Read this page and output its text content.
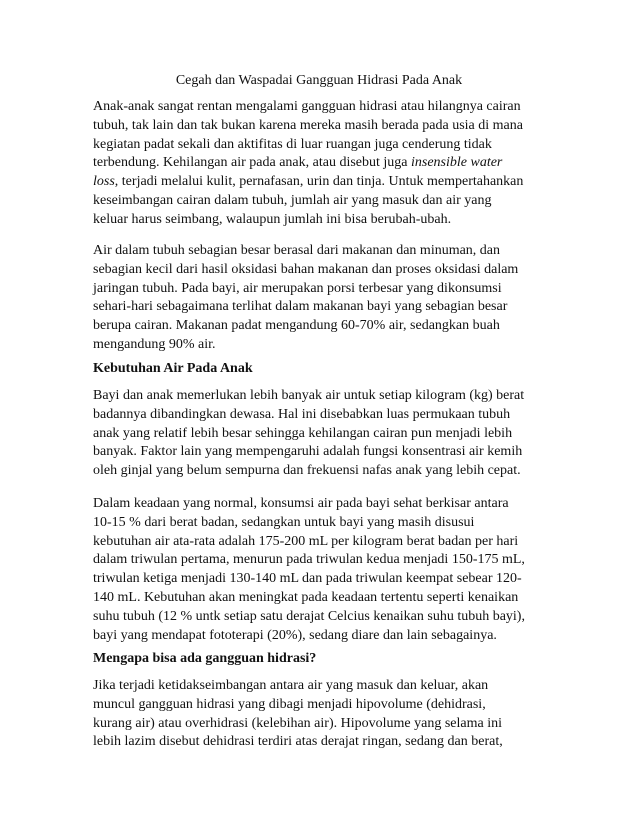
Cegah dan Waspadai Gangguan Hidrasi Pada Anak
Anak-anak sangat rentan mengalami gangguan hidrasi atau hilangnya cairan
tubuh, tak lain dan tak bukan karena mereka masih berada pada usia di mana
kegiatan padat sekali dan aktifitas di luar ruangan juga cenderung tidak
terbendung. Kehilangan air pada anak, atau disebut juga insensible water
loss, terjadi melalui kulit, pernafasan, urin dan tinja. Untuk mempertahankan
keseimbangan cairan dalam tubuh, jumlah air yang masuk dan air yang
keluar harus seimbang, walaupun jumlah ini bisa berubah-ubah.
Air dalam tubuh sebagian besar berasal dari makanan dan minuman, dan
sebagian kecil dari hasil oksidasi bahan makanan dan proses oksidasi dalam
jaringan tubuh. Pada bayi, air merupakan porsi terbesar yang dikonsumsi
sehari-hari sebagaimana terlihat dalam makanan bayi yang sebagian besar
berupa cairan. Makanan padat mengandung 60-70% air, sedangkan buah
mengandung 90% air.
Kebutuhan Air Pada Anak
Bayi dan anak memerlukan lebih banyak air untuk setiap kilogram (kg) berat
badannya dibandingkan dewasa. Hal ini disebabkan luas permukaan tubuh
anak yang relatif lebih besar sehingga kehilangan cairan pun menjadi lebih
banyak. Faktor lain yang mempengaruhi adalah fungsi konsentrasi air kemih
oleh ginjal yang belum sempurna dan frekuensi nafas anak yang lebih cepat.
Dalam keadaan yang normal, konsumsi air pada bayi sehat berkisar antara
10-15 % dari berat badan, sedangkan untuk bayi yang masih disusui
kebutuhan air ata-rata adalah 175-200 mL per kilogram berat badan per hari
dalam triwulan pertama, menurun pada triwulan kedua menjadi 150-175 mL,
triwulan ketiga menjadi 130-140 mL dan pada triwulan keempat sebear 120-
140 mL. Kebutuhan akan meningkat pada keadaan tertentu seperti kenaikan
suhu tubuh (12 % untk setiap satu derajat Celcius kenaikan suhu tubuh bayi),
bayi yang mendapat fototerapi (20%), sedang diare dan lain sebagainya.
Mengapa bisa ada gangguan hidrasi?
Jika terjadi ketidakseimbangan antara air yang masuk dan keluar, akan
muncul gangguan hidrasi yang dibagi menjadi hipovolume (dehidrasi,
kurang air) atau overhidrasi (kelebihan air). Hipovolume yang selama ini
lebih lazim disebut dehidrasi terdiri atas derajat ringan, sedang dan berat,
